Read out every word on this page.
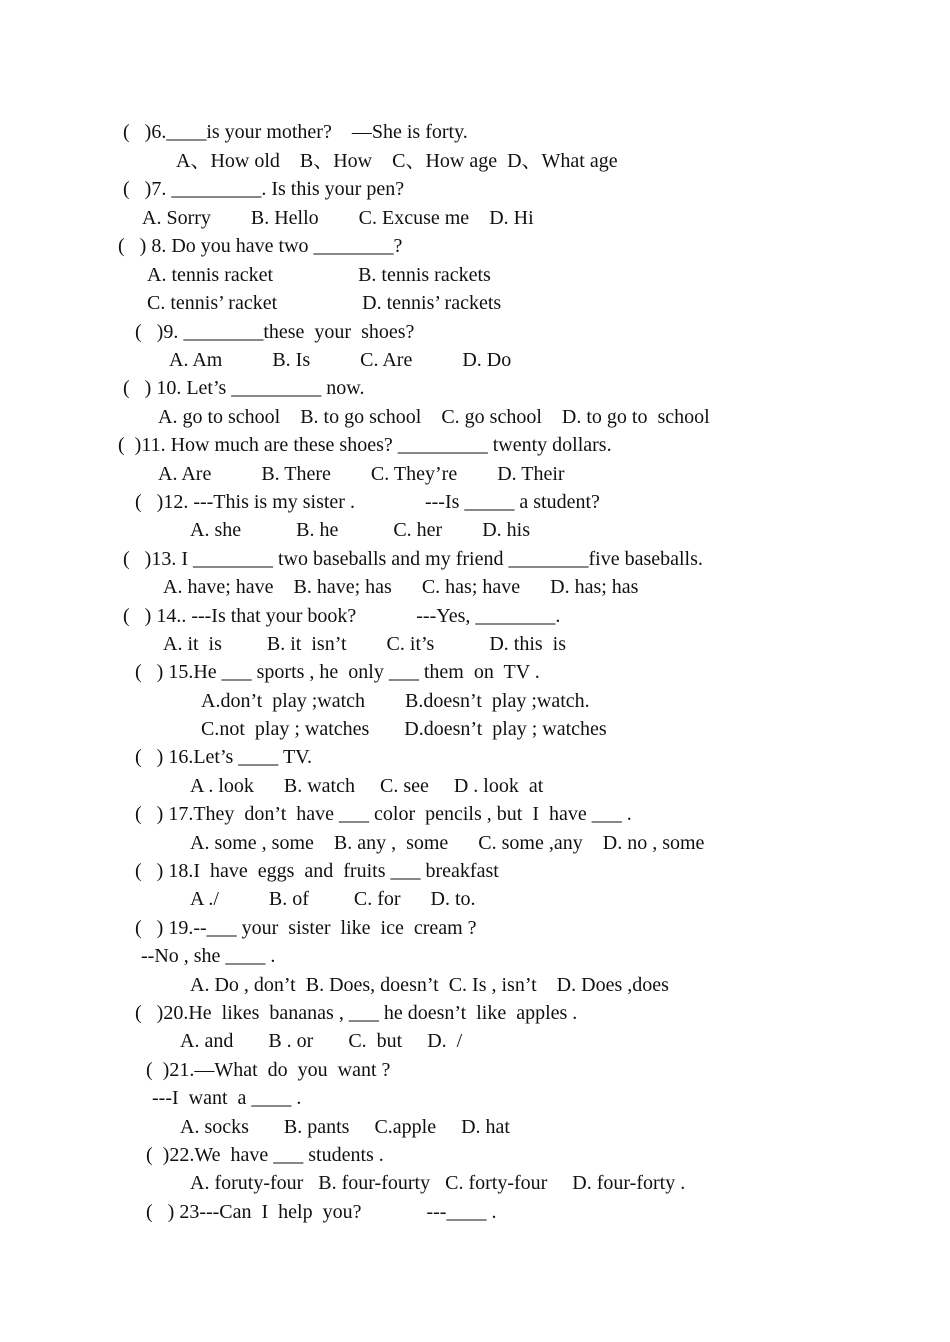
(   )6.____is your mother?    —She is forty.
A、How old    B、How    C、How age  D、What age
(   )7. _________. Is this your pen?
A. Sorry        B. Hello        C. Excuse me    D. Hi
(   ) 8. Do you have two ________?
A. tennis racket                 B. tennis rackets
C. tennis’ racket                 D. tennis’ rackets
(   )9. ________these  your  shoes?
A. Am          B. Is          C. Are          D. Do
(   ) 10. Let’s _________ now.
A. go to school    B. to go school    C. go school    D. to go to  school
(  )11. How much are these shoes? _________ twenty dollars.
A. Are          B. There        C. They’re        D. Their
(   )12. ---This is my sister .              ---Is _____ a student?
A. she           B. he           C. her        D. his
(   )13. I ________ two baseballs and my friend ________five baseballs.
A. have; have    B. have; has      C. has; have      D. has; has
(   ) 14.. ---Is that your book?            ---Yes, ________.
A. it  is         B. it  isn’t        C. it’s           D. this  is
(   ) 15.He ___ sports , he  only ___ them  on  TV .
A.don’t  play ;watch        B.doesn’t  play ;watch.
C.not  play ; watches       D.doesn’t  play ; watches
(   ) 16.Let’s ____ TV.
A . look      B. watch     C. see     D . look  at
(   ) 17.They  don’t  have ___ color  pencils , but  I  have ___ .
A. some , some    B. any ,  some      C. some ,any    D. no , some
(   ) 18.I  have  eggs  and  fruits ___ breakfast
A ./          B. of         C. for      D. to.
(   ) 19.--___ your  sister  like  ice  cream ?
--No , she ____ .
A. Do , don’t  B. Does, doesn’t  C. Is , isn’t    D. Does ,does
(   )20.He  likes  bananas , ___ he doesn’t  like  apples .
A. and       B . or       C.  but     D.  /
(  )21.—What  do  you  want ?
---I  want  a ____ .
A. socks       B. pants     C.apple     D. hat
(  )22.We  have ___ students .
A. foruty-four   B. four-fourty   C. forty-four     D. four-forty .
(   ) 23---Can  I  help  you?             ---____ .
